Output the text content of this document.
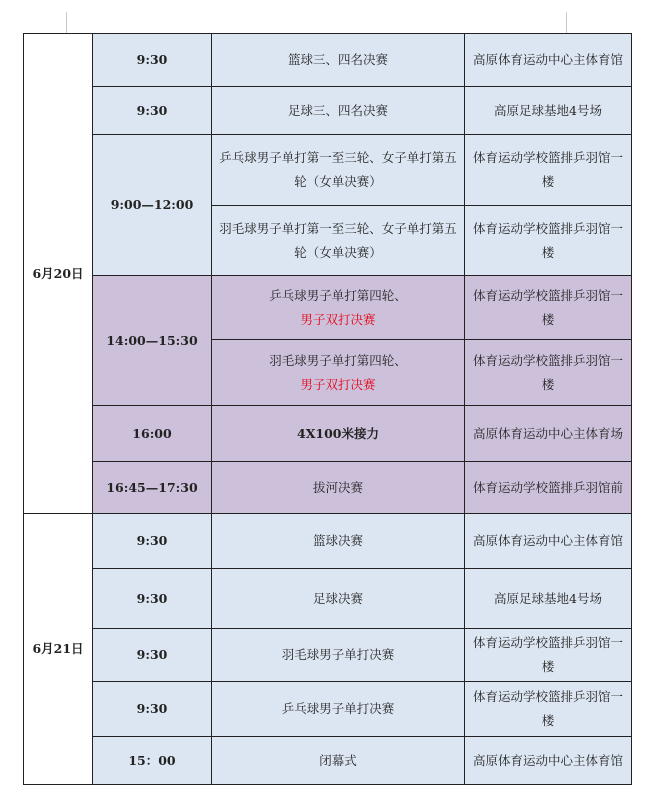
6月20日	9:30	篮球三、四名决赛	高原体育运动中心主体育馆
	9:30	足球三、四名决赛	高原足球基地4号场
	9:00—12:00	乒乓球男子单打第一至三轮、女子单打第五轮（女单决赛）	体育运动学校篮排乒羽馆一楼
		羽毛球男子单打第一至三轮、女子单打第五轮（女单决赛）	体育运动学校篮排乒羽馆一楼
	14:00—15:30	乒乓球男子单打第四轮、
男子双打决赛	体育运动学校篮排乒羽馆一楼
		羽毛球男子单打第四轮、
男子双打决赛	体育运动学校篮排乒羽馆一楼
	16:00	4X100米接力	高原体育运动中心主体育场
	16:45—17:30	拔河决赛	体育运动学校篮排乒羽馆前
6月21日	9:30	篮球决赛	高原体育运动中心主体育馆
	9:30	足球决赛	高原足球基地4号场
	9:30	羽毛球男子单打决赛	体育运动学校篮排乒羽馆一楼
	9:30	乒乓球男子单打决赛	体育运动学校篮排乒羽馆一楼
	15：00	闭幕式	高原体育运动中心主体育馆
